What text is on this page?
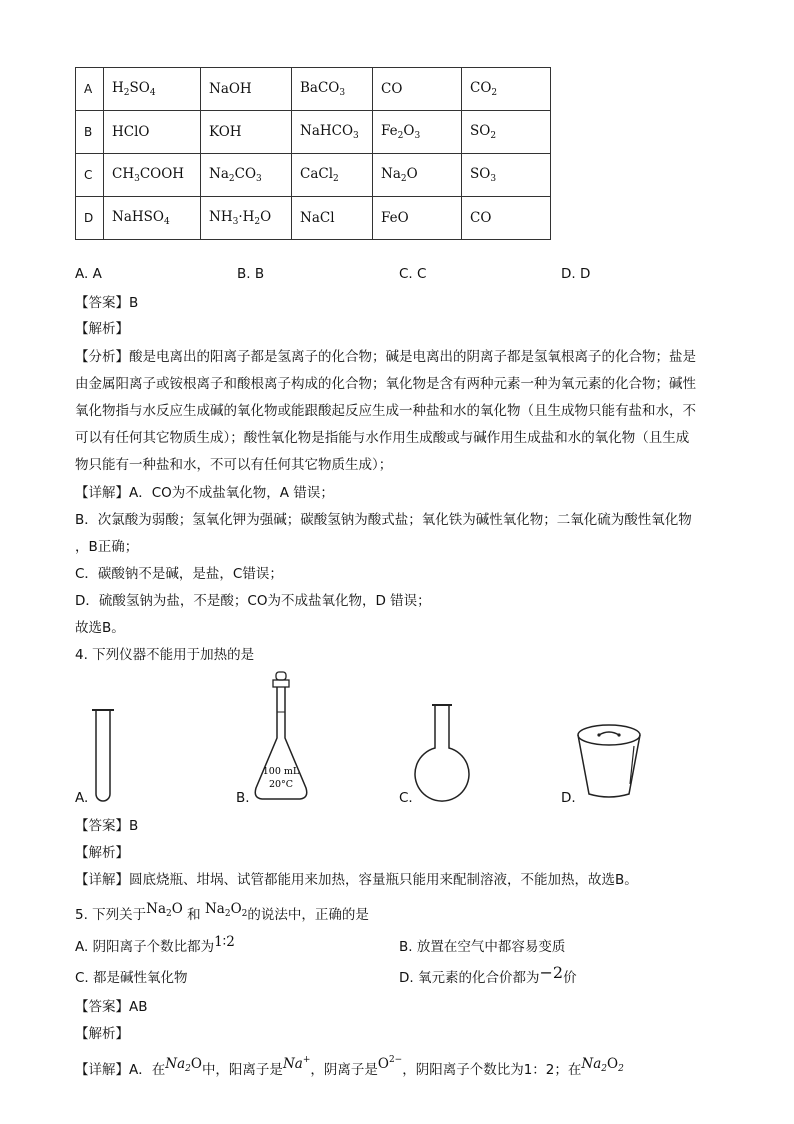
A	$H_2SO_4$	NaOH	BaCO$_3$	CO	$CO_2$
B	HClO	KOH	NaHCO$_3$	$Fe_2O_3$	$SO_2$
C	$CH_3COOH$	$Na_2CO_3$	CaCl$_2$	$Na_2O$	$SO_3$
D	NaHSO$_4$	$NH_3\cdot H_2O$	NaCl	FeO	CO
A. A	B. B	C. C	D. D
【答案】B
【解析】
【分析】酸是电离出的阳离子都是氢离子的化合物；碱是电离出的阴离子都是氢氧根离子的化合物；盐是
由金属阳离子或铵根离子和酸根离子构成的化合物；氧化物是含有两种元素一种为氧元素的化合物；碱性
氧化物指与水反应生成碱的氧化物或能跟酸起反应生成一种盐和水的氧化物（且生成物只能有盐和水，不
可以有任何其它物质生成）；酸性氧化物是指能与水作用生成酸或与碱作用生成盐和水的氧化物（且生成
物只能有一种盐和水，不可以有任何其它物质生成）；
【详解】A．CO为不成盐氧化物，A 错误；
B．次氯酸为弱酸；氢氧化钾为强碱；碳酸氢钠为酸式盐；氧化铁为碱性氧化物；二氧化硫为酸性氧化物
，B正确；
C．碳酸钠不是碱，是盐，C错误；
D．硫酸氢钠为盐，不是酸；CO为不成盐氧化物，D 错误；
故选B。
4. 下列仪器不能用于加热的是
A.
100 mL
20°C
B.	C.	D.
【答案】B
【解析】
【详解】圆底烧瓶、坩埚、试管都能用来加热，容量瓶只能用来配制溶液，不能加热，故选B。
5. 下列关于$Na_2O$ 和 $Na_2O_2$的说法中，正确的是
A. 阴阳离子个数比都为1∶2	B. 放置在空气中都容易变质
C. 都是碱性氧化物	D. 氧元素的化合价都为−2价
【答案】AB
【解析】
【详解】A．在$Na_2O$中，阳离子是Na+，阴离子是$O^{2-}$，阴阳离子个数比为1：2；在$Na_2O_2$
